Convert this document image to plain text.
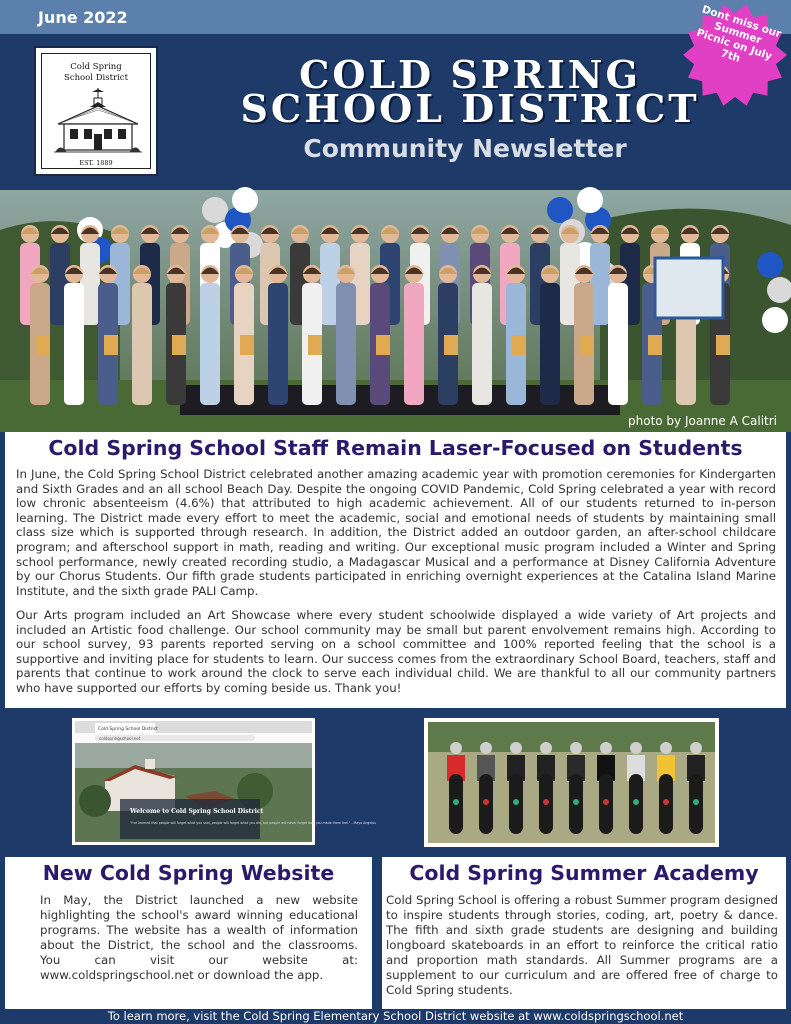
June 2022
Cold Spring
School District
EST. 1889
COLD SPRING
SCHOOL DISTRICT
Community Newsletter
Dont miss our Summer Picnic on July 7th
photo by Joanne A Calitri
Cold Spring School Staff Remain Laser-Focused on Students

In June, the Cold Spring School District celebrated another amazing academic year with promotion ceremonies for Kindergarten and Sixth Grades and an all school Beach Day. Despite the ongoing COVID Pandemic, Cold Spring celebrated a year with record low chronic absenteeism (4.6%) that attributed to high academic achievement. All of our students returned to in-person learning. The District made every effort to meet the academic, social and emotional needs of students by maintaining small class size which is supported through research. In addition, the District added an outdoor garden, an after-school childcare program; and afterschool support in math, reading and writing. Our exceptional music program included a Winter and Spring school performance, newly created recording studio, a Madagascar Musical and a performance at Disney California Adventure by our Chorus Students. Our fifth grade students participated in enriching overnight experiences at the Catalina Island Marine Institute, and the sixth grade PALI Camp.

Our Arts program included an Art Showcase where every student schoolwide displayed a wide variety of Art projects and included an Artistic food challenge. Our school community may be small but parent envolvement remains high. According to our school survey, 93 parents reported serving on a school committee and 100% reported feeling that the school is a supportive and inviting place for students to learn. Our success comes from the extraordinary School Board, teachers, staff and parents that continue to work around the clock to serve each individual child. We are thankful to all our community partners who have supported our efforts by coming beside us. Thank you!

Cold Spring School District
coldspringschool.net
Welcome to Cold Spring School District
"I've learned that people will forget what you said, people will forget what you did, but people will never forget how you made them feel." - Maya Angelou
New Cold Spring Website

In May, the District launched a new website highlighting the school's award winning educational programs. The website has a wealth of information about the District, the school and the classrooms. You can visit our website at: www.coldspringschool.net or download the app.

Cold Spring Summer Academy

Cold Spring School is offering a robust Summer program designed to inspire students through stories, coding, art, poetry & dance. The fifth and sixth grade students are designing and building longboard skateboards in an effort to reinforce the critical ratio and proportion math standards. All Summer programs are a supplement to our curriculum and are offered free of charge to Cold Spring students.

To learn more, visit the Cold Spring Elementary School District website at www.coldspringschool.net
